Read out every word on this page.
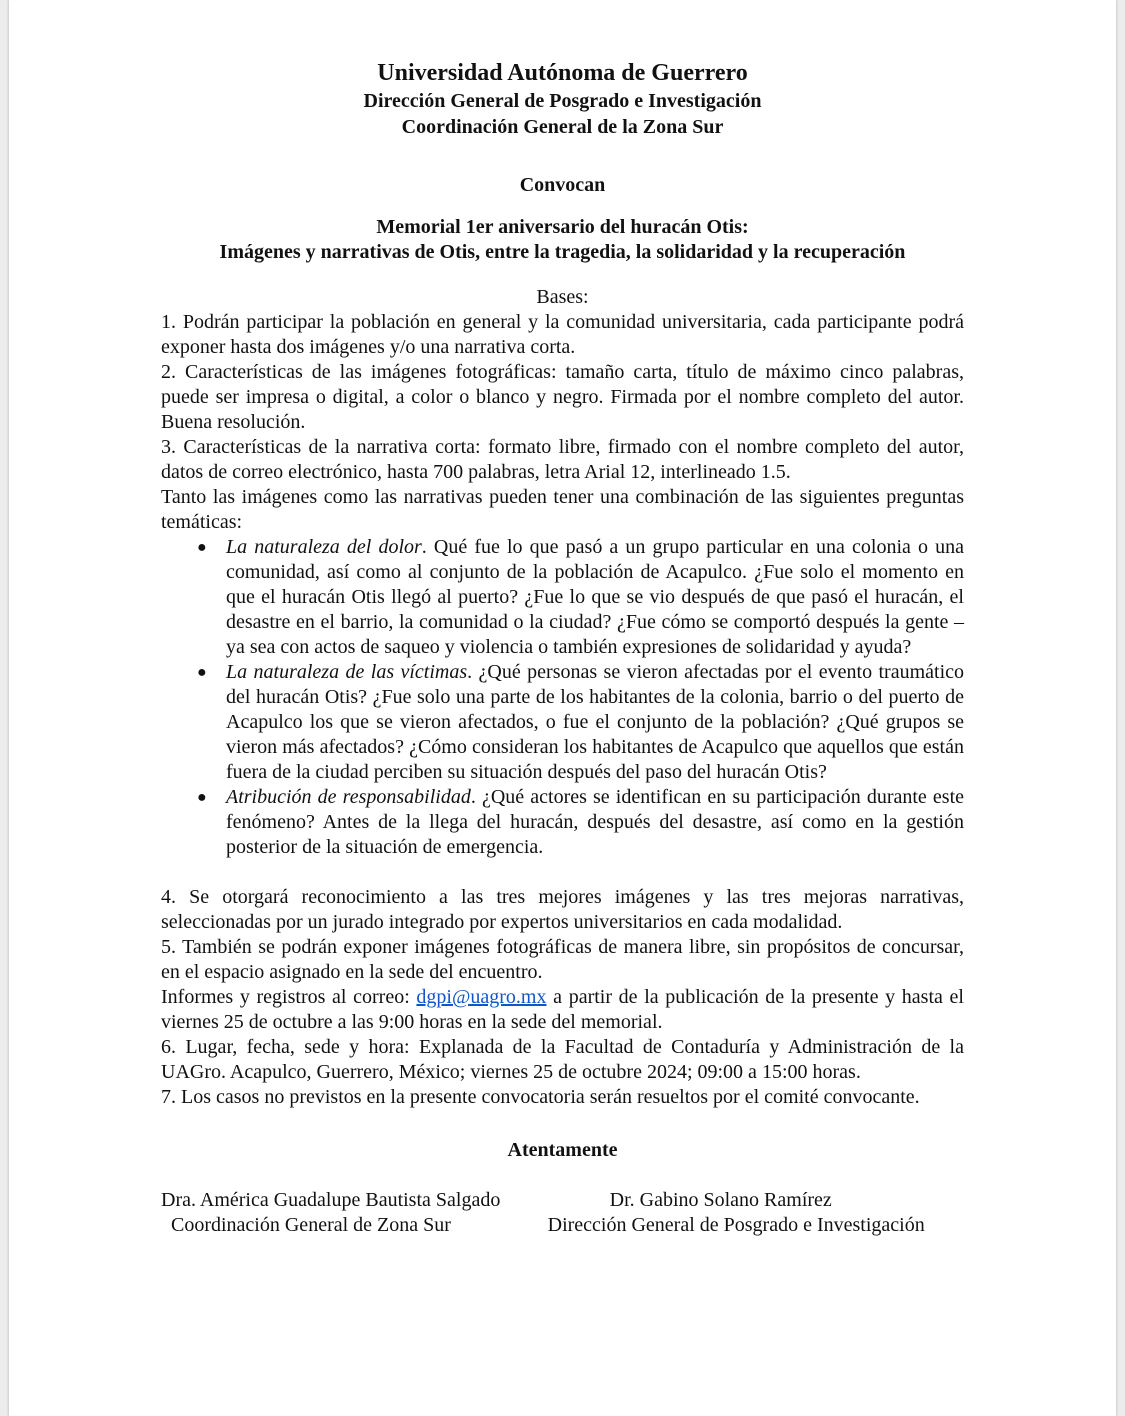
Universidad Autónoma de Guerrero
Dirección General de Posgrado e Investigación
Coordinación General de la Zona Sur
Convocan
Memorial 1er aniversario del huracán Otis:
Imágenes y narrativas de Otis, entre la tragedia, la solidaridad y la recuperación
Bases:

1. Podrán participar la población en general y la comunidad universitaria, cada participante podrá exponer hasta dos imágenes y/o una narrativa corta.

2. Características de las imágenes fotográficas: tamaño carta, título de máximo cinco palabras, puede ser impresa o digital, a color o blanco y negro. Firmada por el nombre completo del autor. Buena resolución.

3. Características de la narrativa corta: formato libre, firmado con el nombre completo del autor, datos de correo electrónico, hasta 700 palabras, letra Arial 12, interlineado 1.5.

Tanto las imágenes como las narrativas pueden tener una combinación de las siguientes preguntas temáticas:

● La naturaleza del dolor. Qué fue lo que pasó a un grupo particular en una colonia o una comunidad, así como al conjunto de la población de Acapulco. ¿Fue solo el momento en que el huracán Otis llegó al puerto? ¿Fue lo que se vio después de que pasó el huracán, el desastre en el barrio, la comunidad o la ciudad? ¿Fue cómo se comportó después la gente –ya sea con actos de saqueo y violencia o también expresiones de solidaridad y ayuda?
● La naturaleza de las víctimas. ¿Qué personas se vieron afectadas por el evento traumático del huracán Otis? ¿Fue solo una parte de los habitantes de la colonia, barrio o del puerto de Acapulco los que se vieron afectados, o fue el conjunto de la población? ¿Qué grupos se vieron más afectados? ¿Cómo consideran los habitantes de Acapulco que aquellos que están fuera de la ciudad perciben su situación después del paso del huracán Otis?
● Atribución de responsabilidad. ¿Qué actores se identifican en su participación durante este fenómeno? Antes de la llega del huracán, después del desastre, así como en la gestión posterior de la situación de emergencia.

4. Se otorgará reconocimiento a las tres mejores imágenes y las tres mejoras narrativas, seleccionadas por un jurado integrado por expertos universitarios en cada modalidad.

5. También se podrán exponer imágenes fotográficas de manera libre, sin propósitos de concursar, en el espacio asignado en la sede del encuentro.

Informes y registros al correo: dgpi@uagro.mx a partir de la publicación de la presente y hasta el viernes 25 de octubre a las 9:00 horas en la sede del memorial.

6. Lugar, fecha, sede y hora: Explanada de la Facultad de Contaduría y Administración de la UAGro. Acapulco, Guerrero, México; viernes 25 de octubre 2024; 09:00 a 15:00 horas.

7. Los casos no previstos en la presente convocatoria serán resueltos por el comité convocante.

Atentamente
Dra. América Guadalupe Bautista Salgado
Coordinación General de Zona Sur
Dr. Gabino Solano Ramírez
Dirección General de Posgrado e Investigación
